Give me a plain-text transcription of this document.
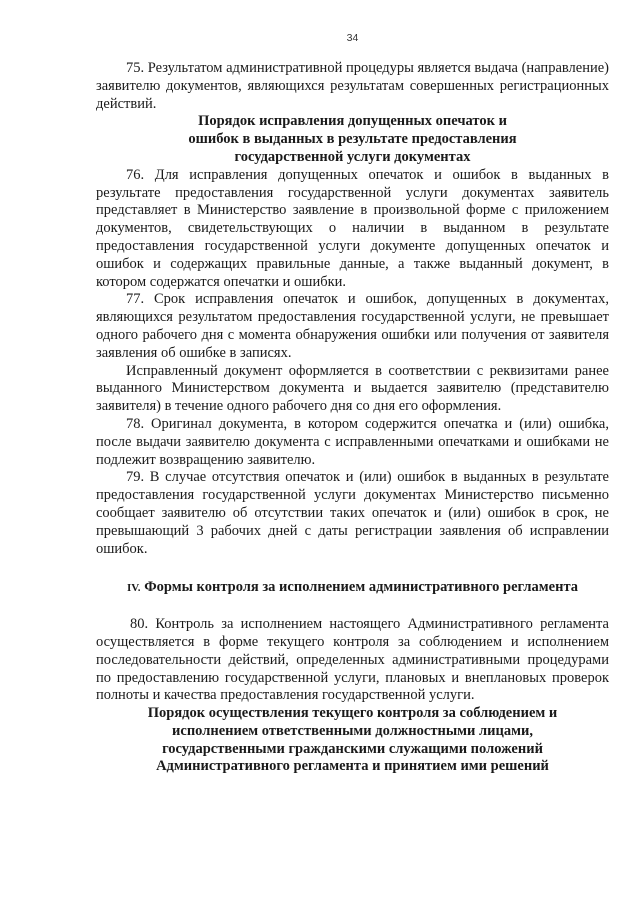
34

75. Результатом административной процедуры является выдача (направление) заявителю документов, являющихся результатам совершенных регистрационных действий.

Порядок исправления допущенных опечаток и
ошибок в выданных в результате предоставления
государственной услуги документах

76. Для исправления допущенных опечаток и ошибок в выданных в результате предоставления государственной услуги документах заявитель представляет в Министерство заявление в произвольной форме с приложением документов, свидетельствующих о наличии в выданном в результате предоставления государственной услуги документе допущенных опечаток и ошибок и содержащих правильные данные, а также выданный документ, в котором содержатся опечатки и ошибки.

77. Срок исправления опечаток и ошибок, допущенных в документах, являющихся результатом предоставления государственной услуги, не превышает одного рабочего дня с момента обнаружения ошибки или получения от заявителя заявления об ошибке в записях.

Исправленный документ оформляется в соответствии с реквизитами ранее выданного Министерством документа и выдается заявителю (представителю заявителя) в течение одного рабочего дня со дня его оформления.

78. Оригинал документа, в котором содержится опечатка и (или) ошибка, после выдачи заявителю документа с исправленными опечатками и ошибками не подлежит возвращению заявителю.

79. В случае отсутствия опечаток и (или) ошибок в выданных в результате предоставления государственной услуги документах Министерство письменно сообщает заявителю об отсутствии таких опечаток и (или) ошибок в срок, не превышающий 3 рабочих дней с даты регистрации заявления об исправлении ошибок.

IV. Формы контроля за исполнением административного регламента

80. Контроль за исполнением настоящего Административного регламента осуществляется в форме текущего контроля за соблюдением и исполнением последовательности действий, определенных административными процедурами по предоставлению государственной услуги, плановых и внеплановых проверок полноты и качества предоставления государственной услуги.

Порядок осуществления текущего контроля за соблюдением и
исполнением ответственными должностными лицами,
государственными гражданскими служащими положений
Административного регламента и принятием ими решений
